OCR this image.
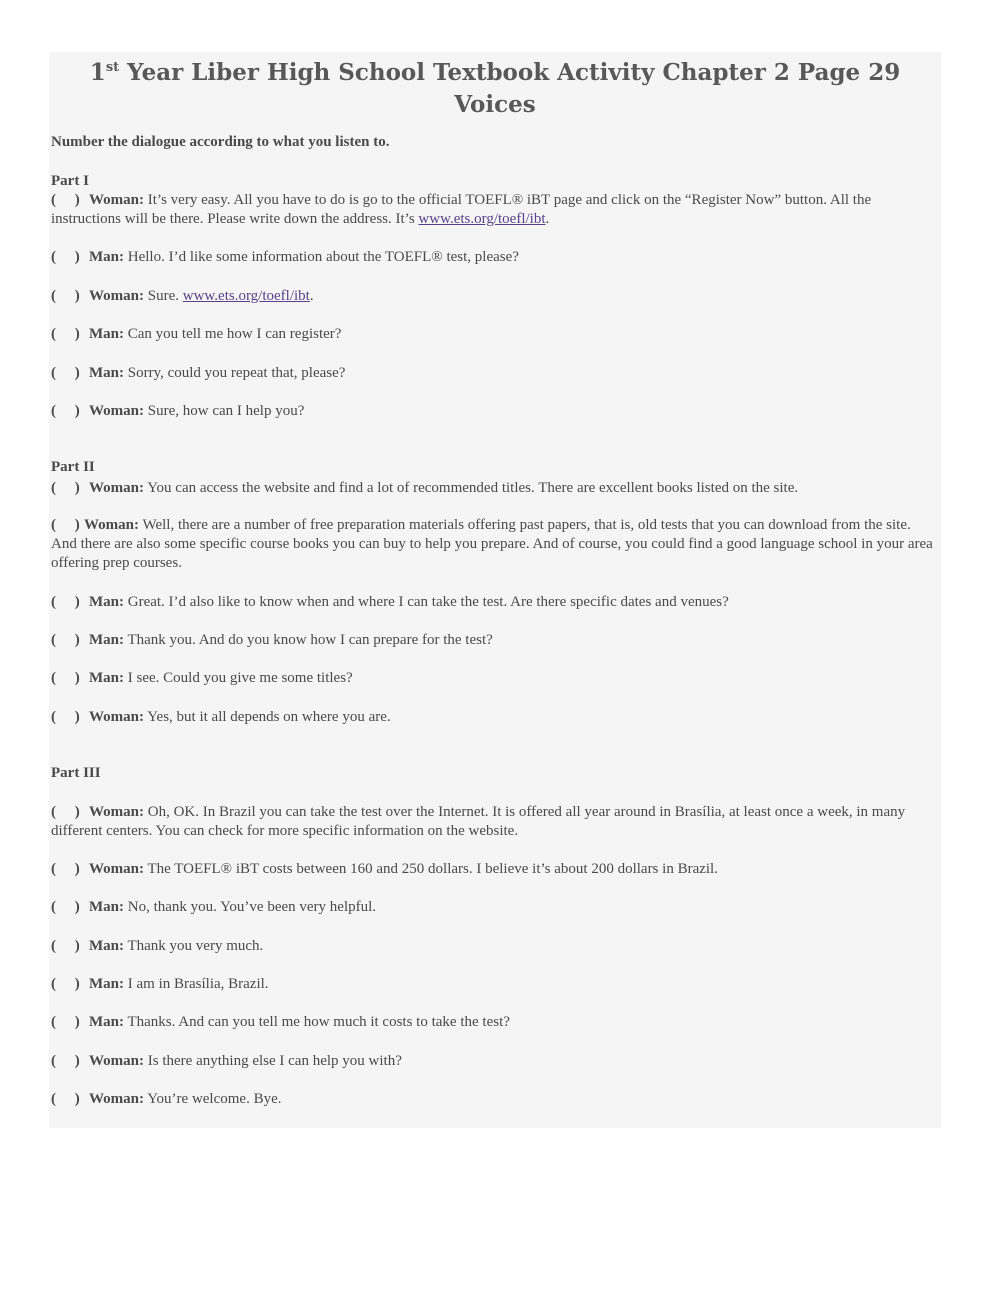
1st Year Liber High School Textbook Activity Chapter 2 Page 29 Voices
Number the dialogue according to what you listen to.
Part I
( ) Woman: It’s very easy. All you have to do is go to the official TOEFL® iBT page and click on the “Register Now” button. All the instructions will be there. Please write down the address. It’s www.ets.org/toefl/ibt.
( ) Man: Hello. I’d like some information about the TOEFL® test, please?
( ) Woman: Sure. www.ets.org/toefl/ibt.
( ) Man: Can you tell me how I can register?
( ) Man: Sorry, could you repeat that, please?
( ) Woman: Sure, how can I help you?
Part II
( ) Woman: You can access the website and find a lot of recommended titles. There are excellent books listed on the site.
( ) Woman: Well, there are a number of free preparation materials offering past papers, that is, old tests that you can download from the site. And there are also some specific course books you can buy to help you prepare. And of course, you could find a good language school in your area offering prep courses.
( ) Man: Great. I’d also like to know when and where I can take the test. Are there specific dates and venues?
( ) Man: Thank you. And do you know how I can prepare for the test?
( ) Man: I see. Could you give me some titles?
( ) Woman: Yes, but it all depends on where you are.
Part III
( ) Woman: Oh, OK. In Brazil you can take the test over the Internet. It is offered all year around in Brasília, at least once a week, in many different centers. You can check for more specific information on the website.
( ) Woman: The TOEFL® iBT costs between 160 and 250 dollars. I believe it’s about 200 dollars in Brazil.
( ) Man: No, thank you. You’ve been very helpful.
( ) Man: Thank you very much.
( ) Man: I am in Brasília, Brazil.
( ) Man: Thanks. And can you tell me how much it costs to take the test?
( ) Woman: Is there anything else I can help you with?
( ) Woman: You’re welcome. Bye.
